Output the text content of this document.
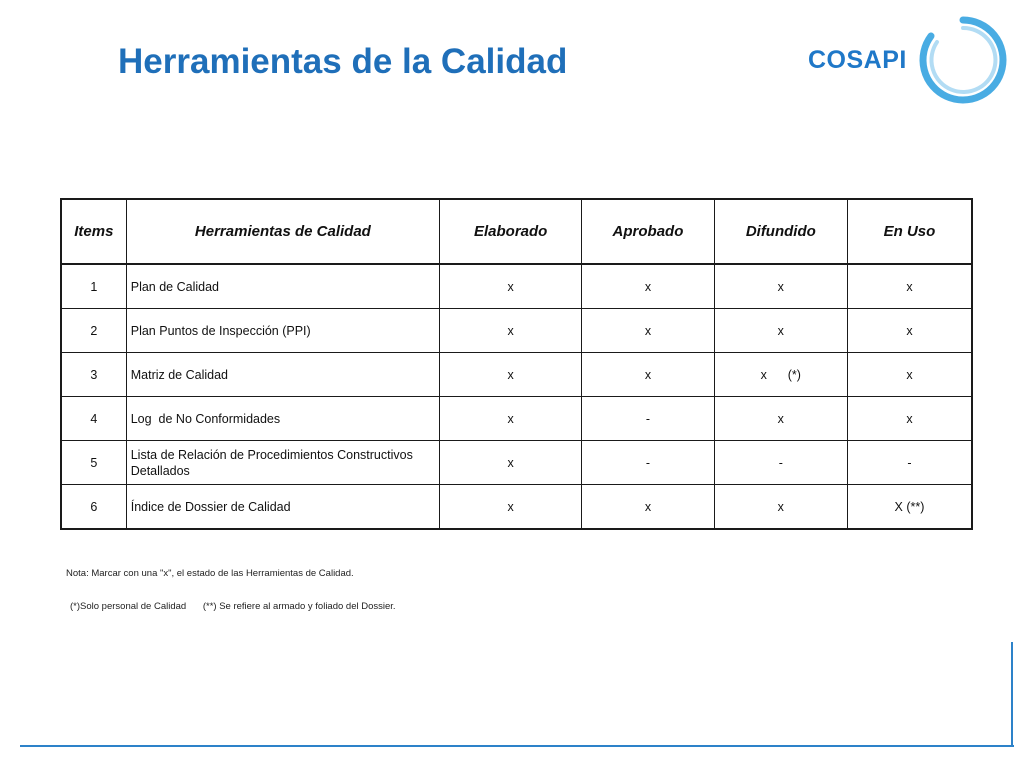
Herramientas de la Calidad	COSAPI
Items	Herramientas de Calidad	Elaborado	Aprobado	Difundido	En Uso
1	Plan de Calidad	x	x	x	x
2	Plan Puntos de Inspección (PPI)	x	x	x	x
3	Matriz de Calidad	x	x	x      (*)	x
4	Log  de No Conformidades	x	-	x	x
5	Lista de Relación de Procedimientos Constructivos Detallados	x	-	-	-
6	Índice de Dossier de Calidad	x	x	x	X (**)
Nota: Marcar con una "x", el estado de las Herramientas de Calidad.
(*)Solo personal de Calidad (**) Se refiere al armado y foliado del Dossier.
